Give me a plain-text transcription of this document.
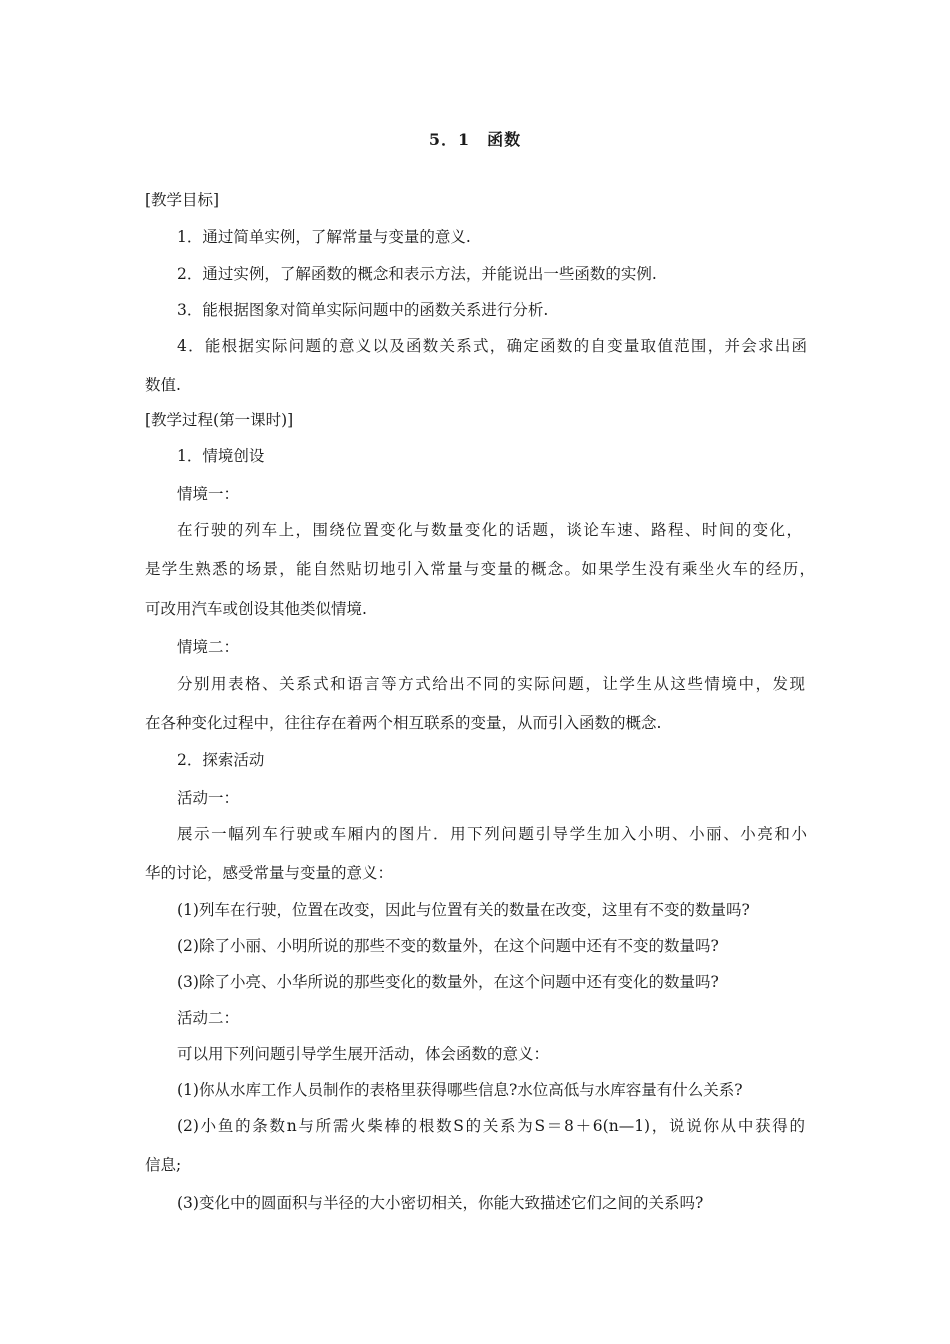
5．1　函数
[教学目标]
1．通过简单实例，了解常量与变量的意义.
2．通过实例，了解函数的概念和表示方法，并能说出一些函数的实例.
3．能根据图象对简单实际问题中的函数关系进行分析.
4．能根据实际问题的意义以及函数关系式，确定函数的自变量取值范围，并会求出函
数值.
[教学过程(第一课时)]
1．情境创设
情境一：
在行驶的列车上，围绕位置变化与数量变化的话题，谈论车速、路程、时间的变化，
是学生熟悉的场景，能自然贴切地引入常量与变量的概念。如果学生没有乘坐火车的经历，
可改用汽车或创设其他类似情境.
情境二：
分别用表格、关系式和语言等方式给出不同的实际问题，让学生从这些情境中，发现
在各种变化过程中，往往存在着两个相互联系的变量，从而引入函数的概念.
2．探索活动
活动一：
展示一幅列车行驶或车厢内的图片．用下列问题引导学生加入小明、小丽、小亮和小
华的讨论，感受常量与变量的意义：
(1)列车在行驶，位置在改变，因此与位置有关的数量在改变，这里有不变的数量吗?
(2)除了小丽、小明所说的那些不变的数量外，在这个问题中还有不变的数量吗?
(3)除了小亮、小华所说的那些变化的数量外，在这个问题中还有变化的数量吗?
活动二：
可以用下列问题引导学生展开活动，体会函数的意义：
(1)你从水库工作人员制作的表格里获得哪些信息?水位高低与水库容量有什么关系?
(2)小鱼的条数n与所需火柴棒的根数S的关系为S＝8＋6(n—1)，说说你从中获得的
信息;
(3)变化中的圆面积与半径的大小密切相关，你能大致描述它们之间的关系吗?
